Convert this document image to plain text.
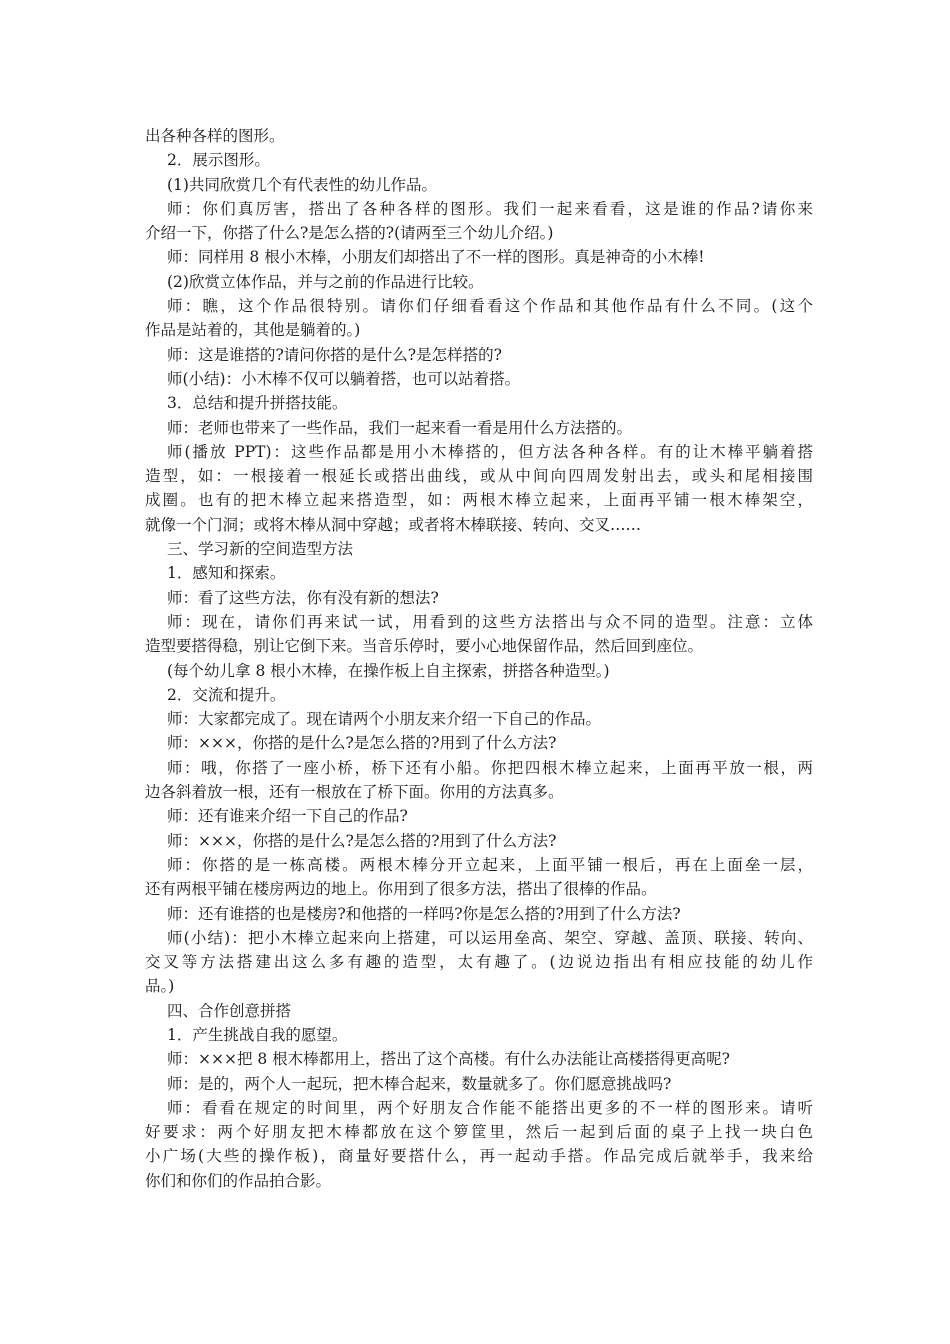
出各种各样的图形。
2．展示图形。
(1)共同欣赏几个有代表性的幼儿作品。
师：你们真厉害，搭出了各种各样的图形。我们一起来看看，这是谁的作品?请你来
介绍一下，你搭了什么?是怎么搭的?(请两至三个幼儿介绍。)
师：同样用 8 根小木棒，小朋友们却搭出了不一样的图形。真是神奇的小木棒!
(2)欣赏立体作品，并与之前的作品进行比较。
师：瞧，这个作品很特别。请你们仔细看看这个作品和其他作品有什么不同。(这个
作品是站着的，其他是躺着的。)
师：这是谁搭的?请问你搭的是什么?是怎样搭的?
师(小结)：小木棒不仅可以躺着搭，也可以站着搭。
3．总结和提升拼搭技能。
师：老师也带来了一些作品，我们一起来看一看是用什么方法搭的。
师(播放 PPT)：这些作品都是用小木棒搭的，但方法各种各样。有的让木棒平躺着搭
造型，如：一根接着一根延长或搭出曲线，或从中间向四周发射出去，或头和尾相接围
成圈。也有的把木棒立起来搭造型，如：两根木棒立起来，上面再平铺一根木棒架空，
就像一个门洞；或将木棒从洞中穿越；或者将木棒联接、转向、交叉……
三、学习新的空间造型方法
1．感知和探索。
师：看了这些方法，你有没有新的想法?
师：现在，请你们再来试一试，用看到的这些方法搭出与众不同的造型。注意：立体
造型要搭得稳，别让它倒下来。当音乐停时，要小心地保留作品，然后回到座位。
(每个幼儿拿 8 根小木棒，在操作板上自主探索，拼搭各种造型。)
2．交流和提升。
师：大家都完成了。现在请两个小朋友来介绍一下自己的作品。
师：×××，你搭的是什么?是怎么搭的?用到了什么方法?
师：哦，你搭了一座小桥，桥下还有小船。你把四根木棒立起来，上面再平放一根，两
边各斜着放一根，还有一根放在了桥下面。你用的方法真多。
师：还有谁来介绍一下自己的作品?
师：×××，你搭的是什么?是怎么搭的?用到了什么方法?
师：你搭的是一栋高楼。两根木棒分开立起来，上面平铺一根后，再在上面垒一层，
还有两根平铺在楼房两边的地上。你用到了很多方法，搭出了很棒的作品。
师：还有谁搭的也是楼房?和他搭的一样吗?你是怎么搭的?用到了什么方法?
师(小结)：把小木棒立起来向上搭建，可以运用垒高、架空、穿越、盖顶、联接、转向、
交叉等方法搭建出这么多有趣的造型，太有趣了。(边说边指出有相应技能的幼儿作
品。)
四、合作创意拼搭
1．产生挑战自我的愿望。
师：×××把 8 根木棒都用上，搭出了这个高楼。有什么办法能让高楼搭得更高呢?
师：是的，两个人一起玩，把木棒合起来，数量就多了。你们愿意挑战吗?
师：看看在规定的时间里，两个好朋友合作能不能搭出更多的不一样的图形来。请听
好要求：两个好朋友把木棒都放在这个箩筐里，然后一起到后面的桌子上找一块白色
小广场(大些的操作板)，商量好要搭什么，再一起动手搭。作品完成后就举手，我来给
你们和你们的作品拍合影。
